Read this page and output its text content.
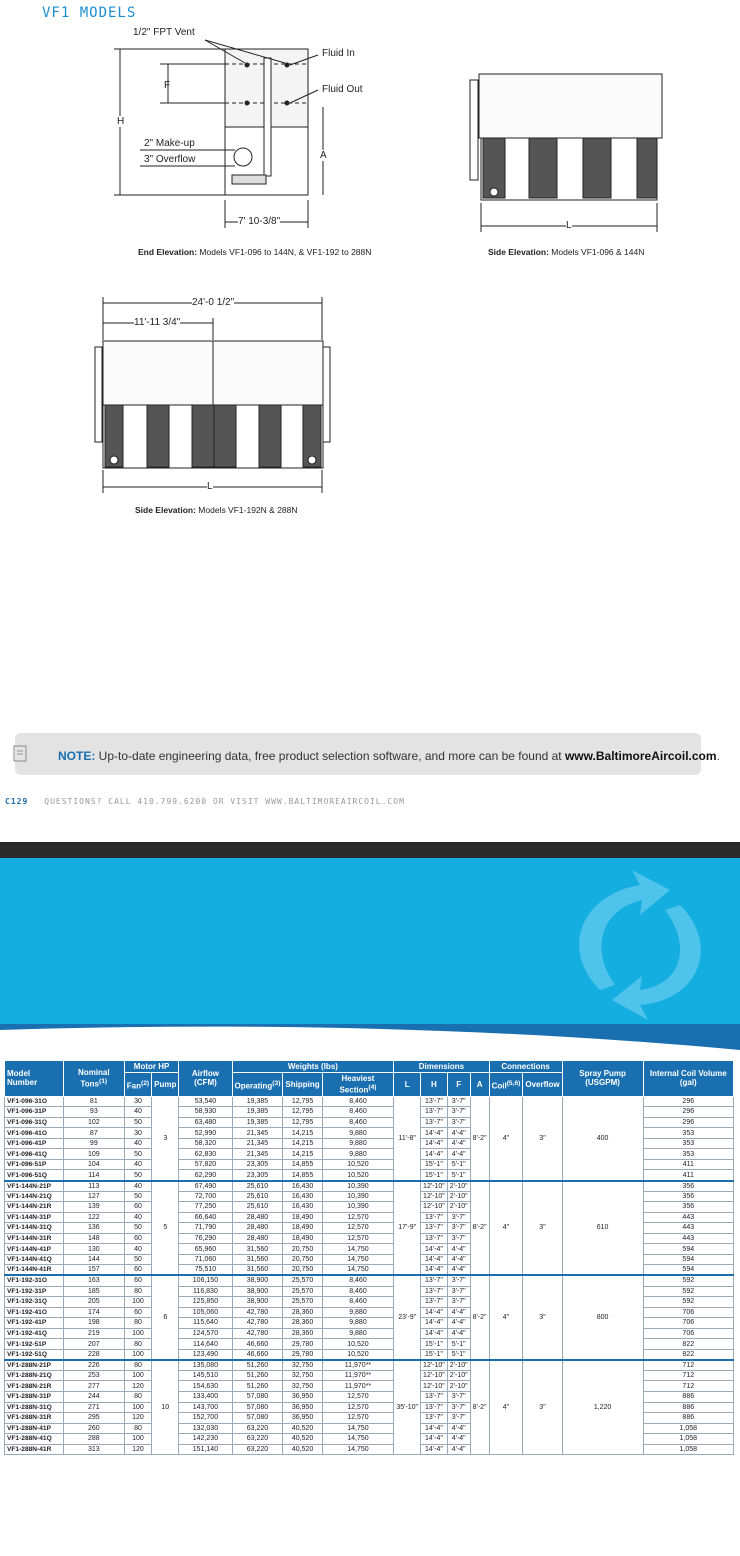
VF1 MODELS
1/2" FPT Vent
Fluid In
Fluid Out
F
H
A
2" Make-up
3" Overflow
7' 10-3/8"
End Elevation: Models VF1-096 to 144N, & VF1-192 to 288N
L
Side Elevation: Models VF1-096 & 144N
24'-0 1/2"
11'-11 3/4"
L
Side Elevation: Models VF1-192N & 288N
NOTE: Up-to-date engineering data, free product selection software, and more can be found at www.BaltimoreAircoil.com.
C129 QUESTIONS? CALL 410.799.6200 OR VISIT WWW.BALTIMOREAIRCOIL.COM
Model Number	Nominal Tons$^{(1)}$	Motor HP		Airflow (CFM)	Weights (lbs)			Dimensions				Connections		Spray Pump (USGPM)	Internal Coil Volume (gal)
		Fan$^{(2)}$	Pump		Operating$^{(3)}$	Shipping	Heaviest Section$^{(4)}$	L	H	F	A	Coil$^{(5,6)}$	Overflow		
VF1-096-31O	81	30	3	53,540	19,385	12,795	8,460	11'-8"	13'-7"	3'-7"	8'-2"	4"	3"	400	296
VF1-096-31P	93	40		58,930	19,385	12,795	8,460		13'-7"	3'-7"					296
VF1-096-31Q	102	50		63,480	19,385	12,795	8,460		13'-7"	3'-7"					296
VF1-096-41O	87	30		52,990	21,345	14,215	9,880		14'-4"	4'-4"					353
VF1-096-41P	99	40		58,320	21,345	14,215	9,880		14'-4"	4'-4"					353
VF1-096-41Q	109	50		62,830	21,345	14,215	9,880		14'-4"	4'-4"					353
VF1-096-51P	104	40		57,820	23,305	14,855	10,520		15'-1"	5'-1"					411
VF1-096-51Q	114	50		62,290	23,305	14,855	10,520		15'-1"	5'-1"					411
VF1-144N-21P	113	40	5	67,490	25,610	16,430	10,390	17'-9"	12'-10"	2'-10"	8'-2"	4"	3"	610	356
VF1-144N-21Q	127	50		72,700	25,610	16,430	10,390		12'-10"	2'-10"					356
VF1-144N-21R	139	60		77,250	25,610	16,430	10,390		12'-10"	2'-10"					356
VF1-144N-31P	122	40		66,640	28,480	18,490	12,570		13'-7"	3'-7"					443
VF1-144N-31Q	136	50		71,790	28,480	18,490	12,570		13'-7"	3'-7"					443
VF1-144N-31R	148	60		76,290	28,480	18,490	12,570		13'-7"	3'-7"					443
VF1-144N-41P	130	40		65,960	31,560	20,750	14,750		14'-4"	4'-4"					594
VF1-144N-41Q	144	50		71,060	31,560	20,750	14,750		14'-4"	4'-4"					594
VF1-144N-41R	157	60		75,510	31,560	20,750	14,750		14'-4"	4'-4"					594
VF1-192-31O	163	60	6	106,150	38,900	25,570	8,460	23'-9"	13'-7"	3'-7"	8'-2"	4"	3"	800	592
VF1-192-31P	185	80		116,830	38,900	25,570	8,460		13'-7"	3'-7"					592
VF1-192-31Q	205	100		125,850	38,900	25,570	8,460		13'-7"	3'-7"					592
VF1-192-41O	174	60		105,060	42,780	28,360	9,880		14'-4"	4'-4"					706
VF1-192-41P	198	80		115,640	42,780	28,360	9,880		14'-4"	4'-4"					706
VF1-192-41Q	219	100		124,570	42,780	28,360	9,880		14'-4"	4'-4"					706
VF1-192-51P	207	80		114,640	46,660	29,780	10,520		15'-1"	5'-1"					822
VF1-192-51Q	228	100		123,490	46,660	29,780	10,520		15'-1"	5'-1"					822
VF1-288N-21P	226	80	10	135,080	51,260	32,750	11,970**	35'-10"	12'-10"	2'-10"	8'-2"	4"	3"	1,220	712
VF1-288N-21Q	253	100		145,510	51,260	32,750	11,970**		12'-10"	2'-10"					712
VF1-288N-21R	277	120		154,630	51,260	32,750	11,970**		12'-10"	2'-10"					712
VF1-288N-31P	244	80		133,400	57,080	36,950	12,570		13'-7"	3'-7"					886
VF1-288N-31Q	271	100		143,700	57,080	36,950	12,570		13'-7"	3'-7"					886
VF1-288N-31R	295	120		152,700	57,080	36,950	12,570		13'-7"	3'-7"					886
VF1-288N-41P	260	80		132,030	63,220	40,520	14,750		14'-4"	4'-4"					1,058
VF1-288N-41Q	288	100		142,230	63,220	40,520	14,750		14'-4"	4'-4"					1,058
VF1-288N-41R	313	120		151,140	63,220	40,520	14,750		14'-4"	4'-4"					1,058
